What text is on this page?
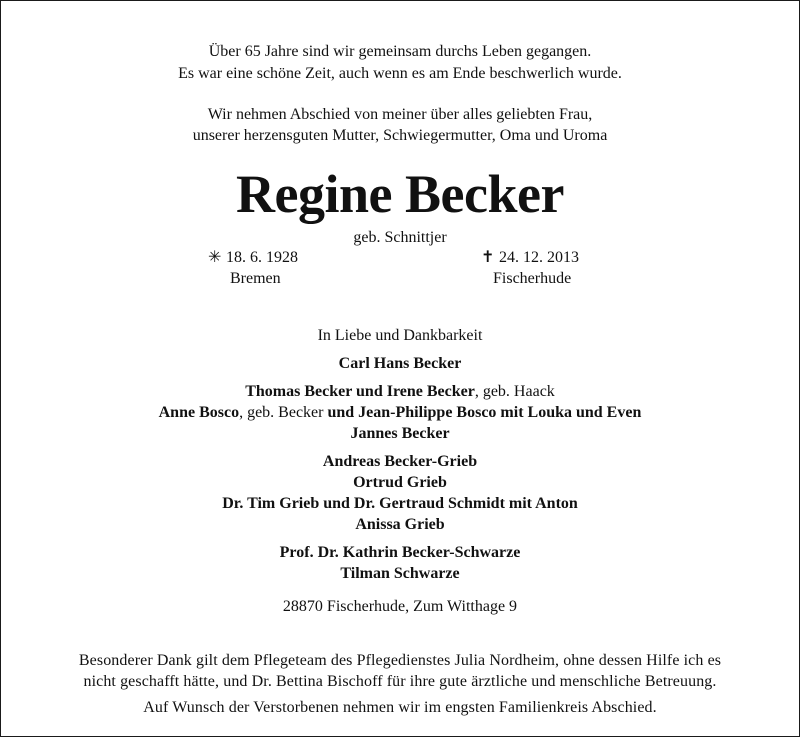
Über 65 Jahre sind wir gemeinsam durchs Leben gegangen.
Es war eine schöne Zeit, auch wenn es am Ende beschwerlich wurde.
Wir nehmen Abschied von meiner über alles geliebten Frau,
unserer herzensguten Mutter, Schwiegermutter, Oma und Uroma
Regine Becker
geb. Schnittjer
✳ 18. 6. 1928
Bremen
✝ 24. 12. 2013
Fischerhude
In Liebe und Dankbarkeit
Carl Hans Becker
Thomas Becker und Irene Becker, geb. Haack
Anne Bosco, geb. Becker und Jean-Philippe Bosco mit Louka und Even
Jannes Becker
Andreas Becker-Grieb
Ortrud Grieb
Dr. Tim Grieb und Dr. Gertraud Schmidt mit Anton
Anissa Grieb
Prof. Dr. Kathrin Becker-Schwarze
Tilman Schwarze
28870 Fischerhude, Zum Witthage 9
Besonderer Dank gilt dem Pflegeteam des Pflegedienstes Julia Nordheim, ohne dessen Hilfe ich es
nicht geschafft hätte, und Dr. Bettina Bischoff für ihre gute ärztliche und menschliche Betreuung.
Auf Wunsch der Verstorbenen nehmen wir im engsten Familienkreis Abschied.
